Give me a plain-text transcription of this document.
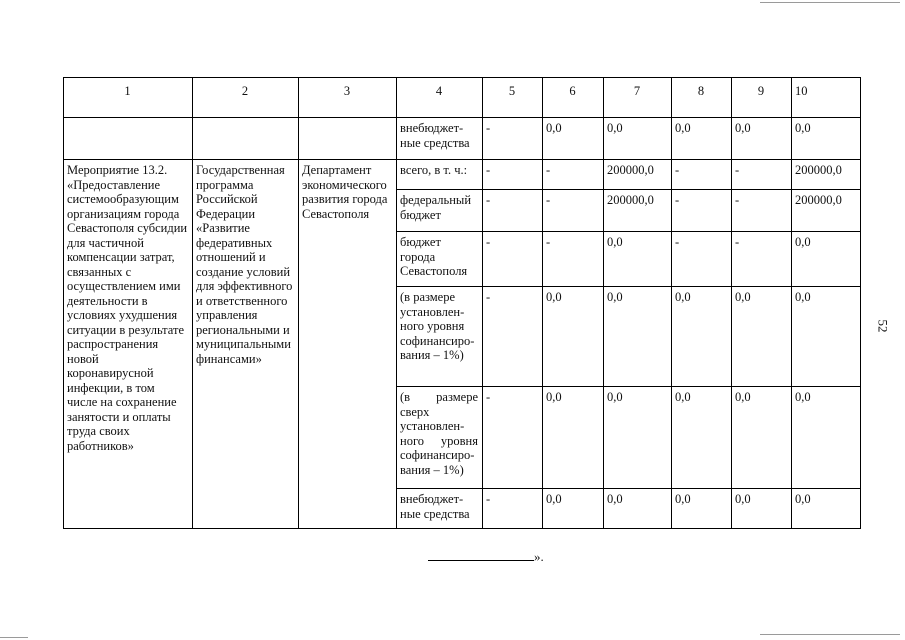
1	2	3	4	5	6	7	8	9	10
			внебюджет-ные средства	-	0,0	0,0	0,0	0,0	0,0
Мероприятие 13.2. «Предоставление системообразующим организациям города Севастополя субсидии для частичной компенсации затрат, связанных с осуществлением ими деятельности в условиях ухудшения ситуации в результате распространения новой коронавирусной инфекции, в том числе на сохранение занятости и оплаты труда своих работников»	Государственная программа Российской Федерации «Развитие федеративных отношений и создание условий для эффективного и ответственного управления региональными и муниципальными финансами»	Департамент экономического развития города Севастополя	всего, в т. ч.:	-	-	200000,0	-	-	200000,0
			федеральный бюджет	-	-	200000,0	-	-	200000,0
			бюджет города Севастополя	-	-	0,0	-	-	0,0
			(в размере установлен-ного уровня софинансиро-вания – 1%)	-	0,0	0,0	0,0	0,0	0,0
			(в размере сверх установлен-ного уровня софинансиро-вания – 1%)	-	0,0	0,0	0,0	0,0	0,0
			внебюджет-ные средства	-	0,0	0,0	0,0	0,0	0,0
52
».
